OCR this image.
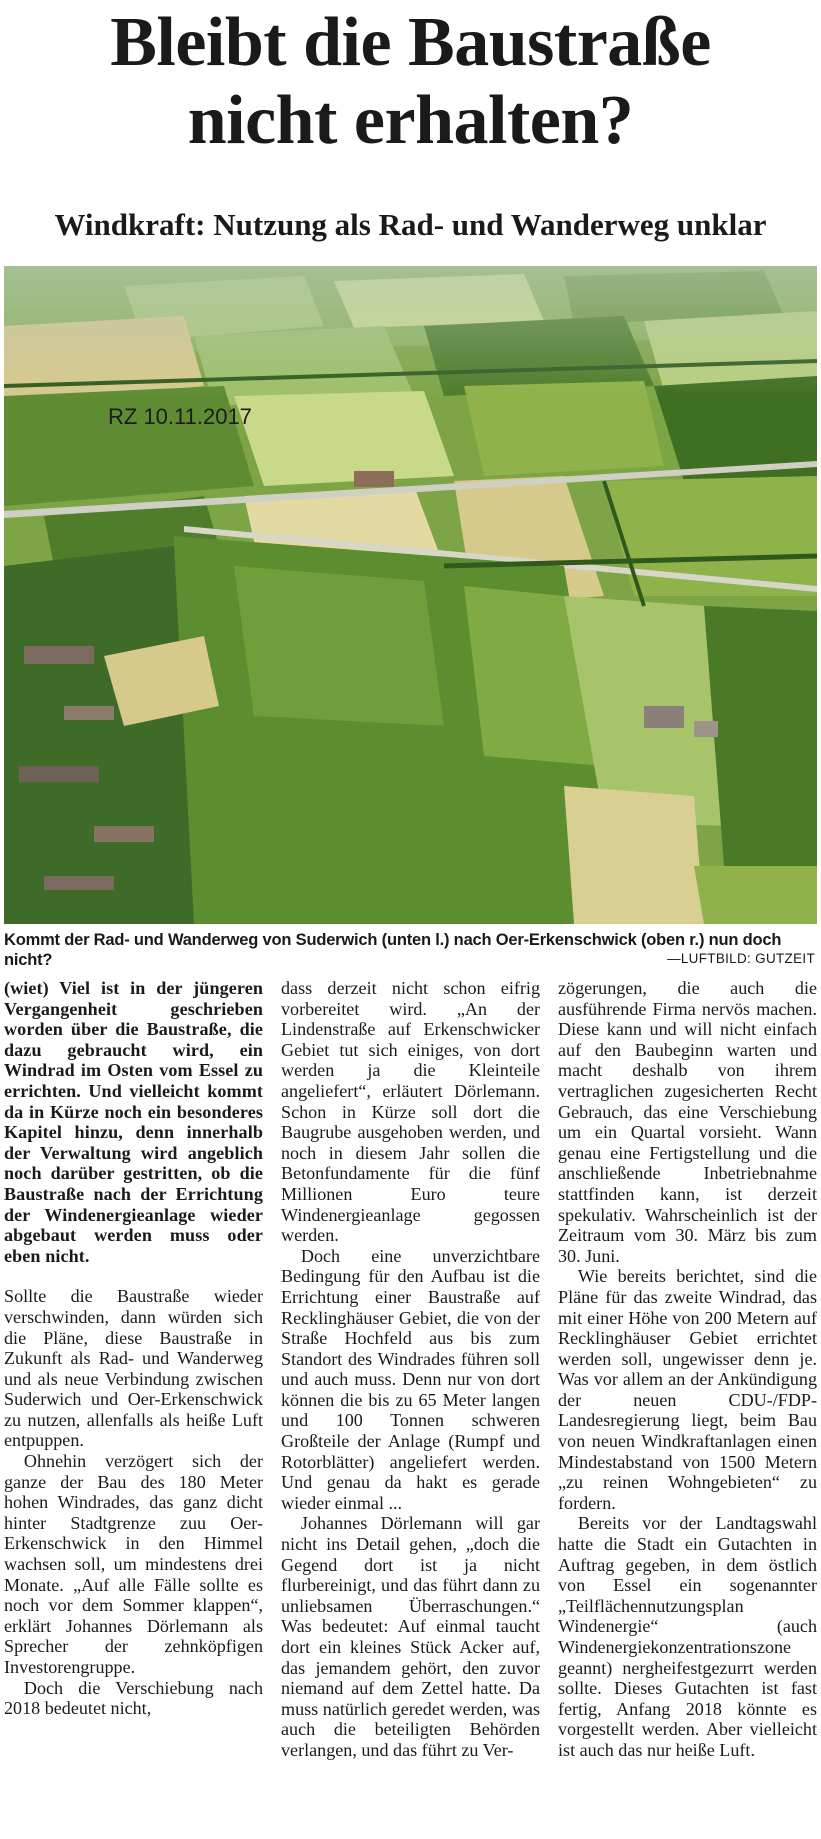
Bleibt die Baustraße
nicht erhalten?
Windkraft: Nutzung als Rad- und Wanderweg unklar
RZ 10.11.2017
Kommt der Rad- und Wanderweg von Suderwich (unten l.) nach Oer-Erkenschwick (oben r.) nun doch nicht?	—LUFTBILD: GUTZEIT

(wiet) Viel ist in der jüngeren Vergangenheit geschrieben worden über die Baustraße, die dazu gebraucht wird, ein Windrad im Osten vom Essel zu errichten. Und vielleicht kommt da in Kürze noch ein besonderes Kapitel hinzu, denn innerhalb der Verwaltung wird angeblich noch darüber gestritten, ob die Baustraße nach der Errichtung der Windenergieanlage wieder abgebaut werden muss oder eben nicht.

Sollte die Baustraße wieder verschwinden, dann würden sich die Pläne, diese Baustraße in Zukunft als Rad- und Wanderweg und als neue Verbindung zwischen Suderwich und Oer-Erkenschwick zu nutzen, allenfalls als heiße Luft entpuppen.

Ohnehin verzögert sich der ganze der Bau des 180 Meter hohen Windrades, das ganz dicht hinter Stadtgrenze zuu Oer-Erkenschwick in den Himmel wachsen soll, um mindestens drei Monate. „Auf alle Fälle sollte es noch vor dem Sommer klappen“, erklärt Johannes Dörlemann als Sprecher der zehnköpfigen Investorengruppe.

Doch die Verschiebung nach 2018 bedeutet nicht,

dass derzeit nicht schon eifrig vorbereitet wird. „An der Lindenstraße auf Erkenschwicker Gebiet tut sich einiges, von dort werden ja die Kleinteile angeliefert“, erläutert Dörlemann. Schon in Kürze soll dort die Baugrube ausgehoben werden, und noch in diesem Jahr sollen die Betonfundamente für die fünf Millionen Euro teure Windenergieanlage gegossen werden.

Doch eine unverzichtbare Bedingung für den Aufbau ist die Errichtung einer Baustraße auf Recklinghäuser Gebiet, die von der Straße Hochfeld aus bis zum Standort des Windrades führen soll und auch muss. Denn nur von dort können die bis zu 65 Meter langen und 100 Tonnen schweren Großteile der Anlage (Rumpf und Rotorblätter) angeliefert werden. Und genau da hakt es gerade wieder einmal ...

Johannes Dörlemann will gar nicht ins Detail gehen, „doch die Gegend dort ist ja nicht flurbereinigt, und das führt dann zu unliebsamen Überraschungen.“ Was bedeutet: Auf einmal taucht dort ein kleines Stück Acker auf, das jemandem gehört, den zuvor niemand auf dem Zettel hatte. Da muss natürlich geredet werden, was auch die beteiligten Behörden verlangen, und das führt zu Ver-

zögerungen, die auch die ausführende Firma nervös machen. Diese kann und will nicht einfach auf den Baubeginn warten und macht deshalb von ihrem vertraglichen zugesicherten Recht Gebrauch, das eine Verschiebung um ein Quartal vorsieht. Wann genau eine Fertigstellung und die anschließende Inbetriebnahme stattfinden kann, ist derzeit spekulativ. Wahrscheinlich ist der Zeitraum vom 30. März bis zum 30. Juni.

Wie bereits berichtet, sind die Pläne für das zweite Windrad, das mit einer Höhe von 200 Metern auf Recklinghäuser Gebiet errichtet werden soll, ungewisser denn je. Was vor allem an der Ankündigung der neuen CDU-/FDP-Landesregierung liegt, beim Bau von neuen Windkraftanlagen einen Mindestabstand von 1500 Metern „zu reinen Wohngebieten“ zu fordern.

Bereits vor der Landtagswahl hatte die Stadt ein Gutachten in Auftrag gegeben, in dem östlich von Essel ein sogenannter „Teilflächennutzungsplan Windenergie“ (auch Windenergiekonzentrationszone geannt) nergheifestgezurrt werden sollte. Dieses Gutachten ist fast fertig, Anfang 2018 könnte es vorgestellt werden. Aber vielleicht ist auch das nur heiße Luft.
